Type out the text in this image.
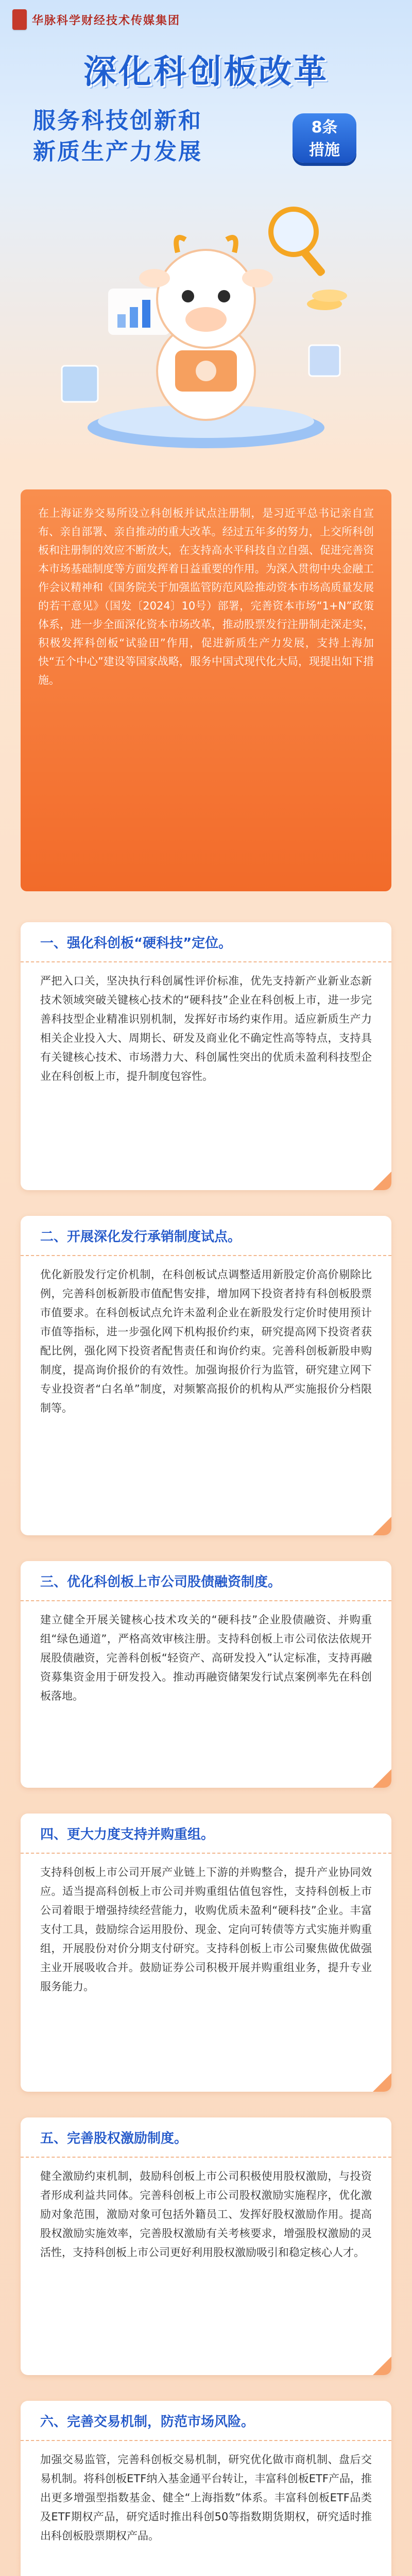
华脉科学财经技术传媒集团
深化科创板改革
服务科技创新和
新质生产力发展
8条
措施
在上海证券交易所设立科创板并试点注册制，是习近平总书记亲自宣布、亲自部署、亲自推动的重大改革。经过五年多的努力，上交所科创板和注册制的效应不断放大，在支持高水平科技自立自强、促进完善资本市场基础制度等方面发挥着日益重要的作用。为深入贯彻中央金融工作会议精神和《国务院关于加强监管防范风险推动资本市场高质量发展的若干意见》（国发〔2024〕10号）部署，完善资本市场“1+N”政策体系，进一步全面深化资本市场改革，推动股票发行注册制走深走实，积极发挥科创板“试验田”作用，促进新质生产力发展，支持上海加快“五个中心”建设等国家战略，服务中国式现代化大局，现提出如下措施。
一、强化科创板“硬科技”定位。
严把入口关，坚决执行科创属性评价标准，优先支持新产业新业态新技术领域突破关键核心技术的“硬科技”企业在科创板上市，进一步完善科技型企业精准识别机制，发挥好市场约束作用。适应新质生产力相关企业投入大、周期长、研发及商业化不确定性高等特点，支持具有关键核心技术、市场潜力大、科创属性突出的优质未盈利科技型企业在科创板上市，提升制度包容性。
二、开展深化发行承销制度试点。
优化新股发行定价机制，在科创板试点调整适用新股定价高价剔除比例，完善科创板新股市值配售安排，增加网下投资者持有科创板股票市值要求。在科创板试点允许未盈利企业在新股发行定价时使用预计市值等指标，进一步强化网下机构报价约束，研究提高网下投资者获配比例，强化网下投资者配售责任和询价约束。完善科创板新股申购制度，提高询价报价的有效性。加强询报价行为监管，研究建立网下专业投资者“白名单”制度，对频繁高报价的机构从严实施报价分档限制等。
三、优化科创板上市公司股债融资制度。
建立健全开展关键核心技术攻关的“硬科技”企业股债融资、并购重组“绿色通道”，严格高效审核注册。支持科创板上市公司依法依规开展股债融资，完善科创板“轻资产、高研发投入”认定标准，支持再融资募集资金用于研发投入。推动再融资储架发行试点案例率先在科创板落地。
四、更大力度支持并购重组。
支持科创板上市公司开展产业链上下游的并购整合，提升产业协同效应。适当提高科创板上市公司并购重组估值包容性，支持科创板上市公司着眼于增强持续经营能力，收购优质未盈利“硬科技”企业。丰富支付工具，鼓励综合运用股份、现金、定向可转债等方式实施并购重组，开展股份对价分期支付研究。支持科创板上市公司聚焦做优做强主业开展吸收合并。鼓励证券公司积极开展并购重组业务，提升专业服务能力。
五、完善股权激励制度。
健全激励约束机制，鼓励科创板上市公司积极使用股权激励，与投资者形成利益共同体。完善科创板上市公司股权激励实施程序，优化激励对象范围，激励对象可包括外籍员工、发挥好股权激励作用。提高股权激励实施效率，完善股权激励有关考核要求，增强股权激励的灵活性，支持科创板上市公司更好利用股权激励吸引和稳定核心人才。
六、完善交易机制，防范市场风险。
加强交易监管，完善科创板交易机制，研究优化做市商机制、盘后交易机制。将科创板ETF纳入基金通平台转让，丰富科创板ETF产品，推出更多增强型指数基金、健全“上海指数”体系。丰富科创板ETF品类及ETF期权产品，研究适时推出科创50等指数期货期权，研究适时推出科创板股票期权产品。
